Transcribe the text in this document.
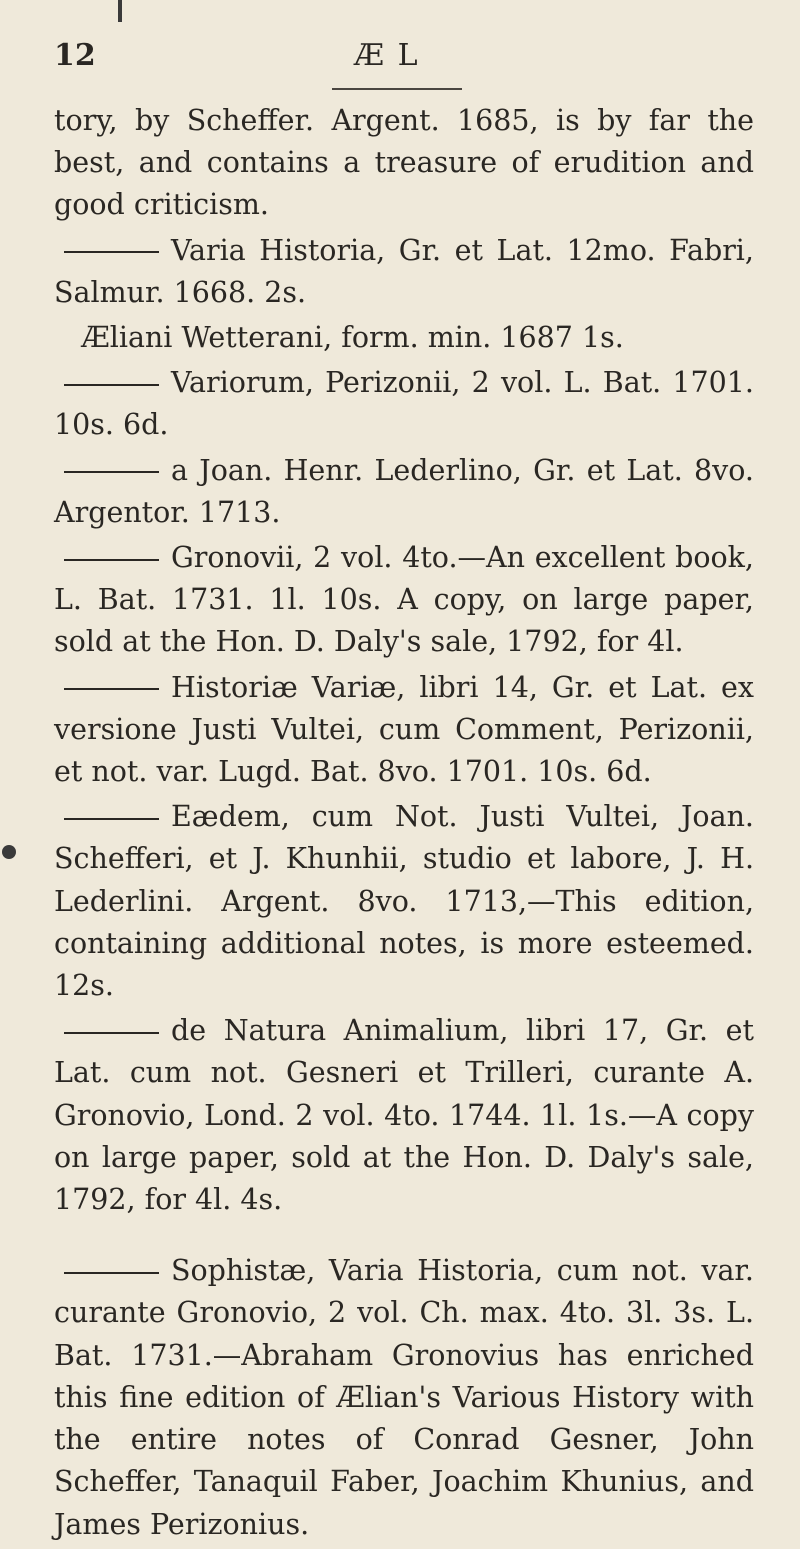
12	Æ L

tory, by Scheffer. Argent. 1685, is by far the best, and contains a treasure of erudition and good criticism.

Varia Historia, Gr. et Lat. 12mo. Fabri, Salmur. 1668. 2s.

Æliani Wetterani, form. min. 1687 1s.

Variorum, Perizonii, 2 vol. L. Bat. 1701. 10s. 6d.

a Joan. Henr. Lederlino, Gr. et Lat. 8vo. Argentor. 1713.

Gronovii, 2 vol. 4to.—An excellent book, L. Bat. 1731. 1l. 10s. A copy, on large paper, sold at the Hon. D. Daly's sale, 1792, for 4l.

Historiæ Variæ, libri 14, Gr. et Lat. ex versione Justi Vultei, cum Comment, Perizonii, et not. var. Lugd. Bat. 8vo. 1701. 10s. 6d.

Eædem, cum Not. Justi Vultei, Joan. Schefferi, et J. Khunhii, studio et labore, J. H. Lederlini. Argent. 8vo. 1713,—This edition, containing additional notes, is more esteemed. 12s.

de Natura Animalium, libri 17, Gr. et Lat. cum not. Gesneri et Trilleri, curante A. Gronovio, Lond. 2 vol. 4to. 1744. 1l. 1s.—A copy on large paper, sold at the Hon. D. Daly's sale, 1792, for 4l. 4s.

Sophistæ, Varia Historia, cum not. var. curante Gronovio, 2 vol. Ch. max. 4to. 3l. 3s. L. Bat. 1731.—Abraham Gronovius has enriched this fine edition of Ælian's Various History with the entire notes of Conrad Gesner, John Scheffer, Tanaquil Faber, Joachim Khunius, and James Perizonius.
